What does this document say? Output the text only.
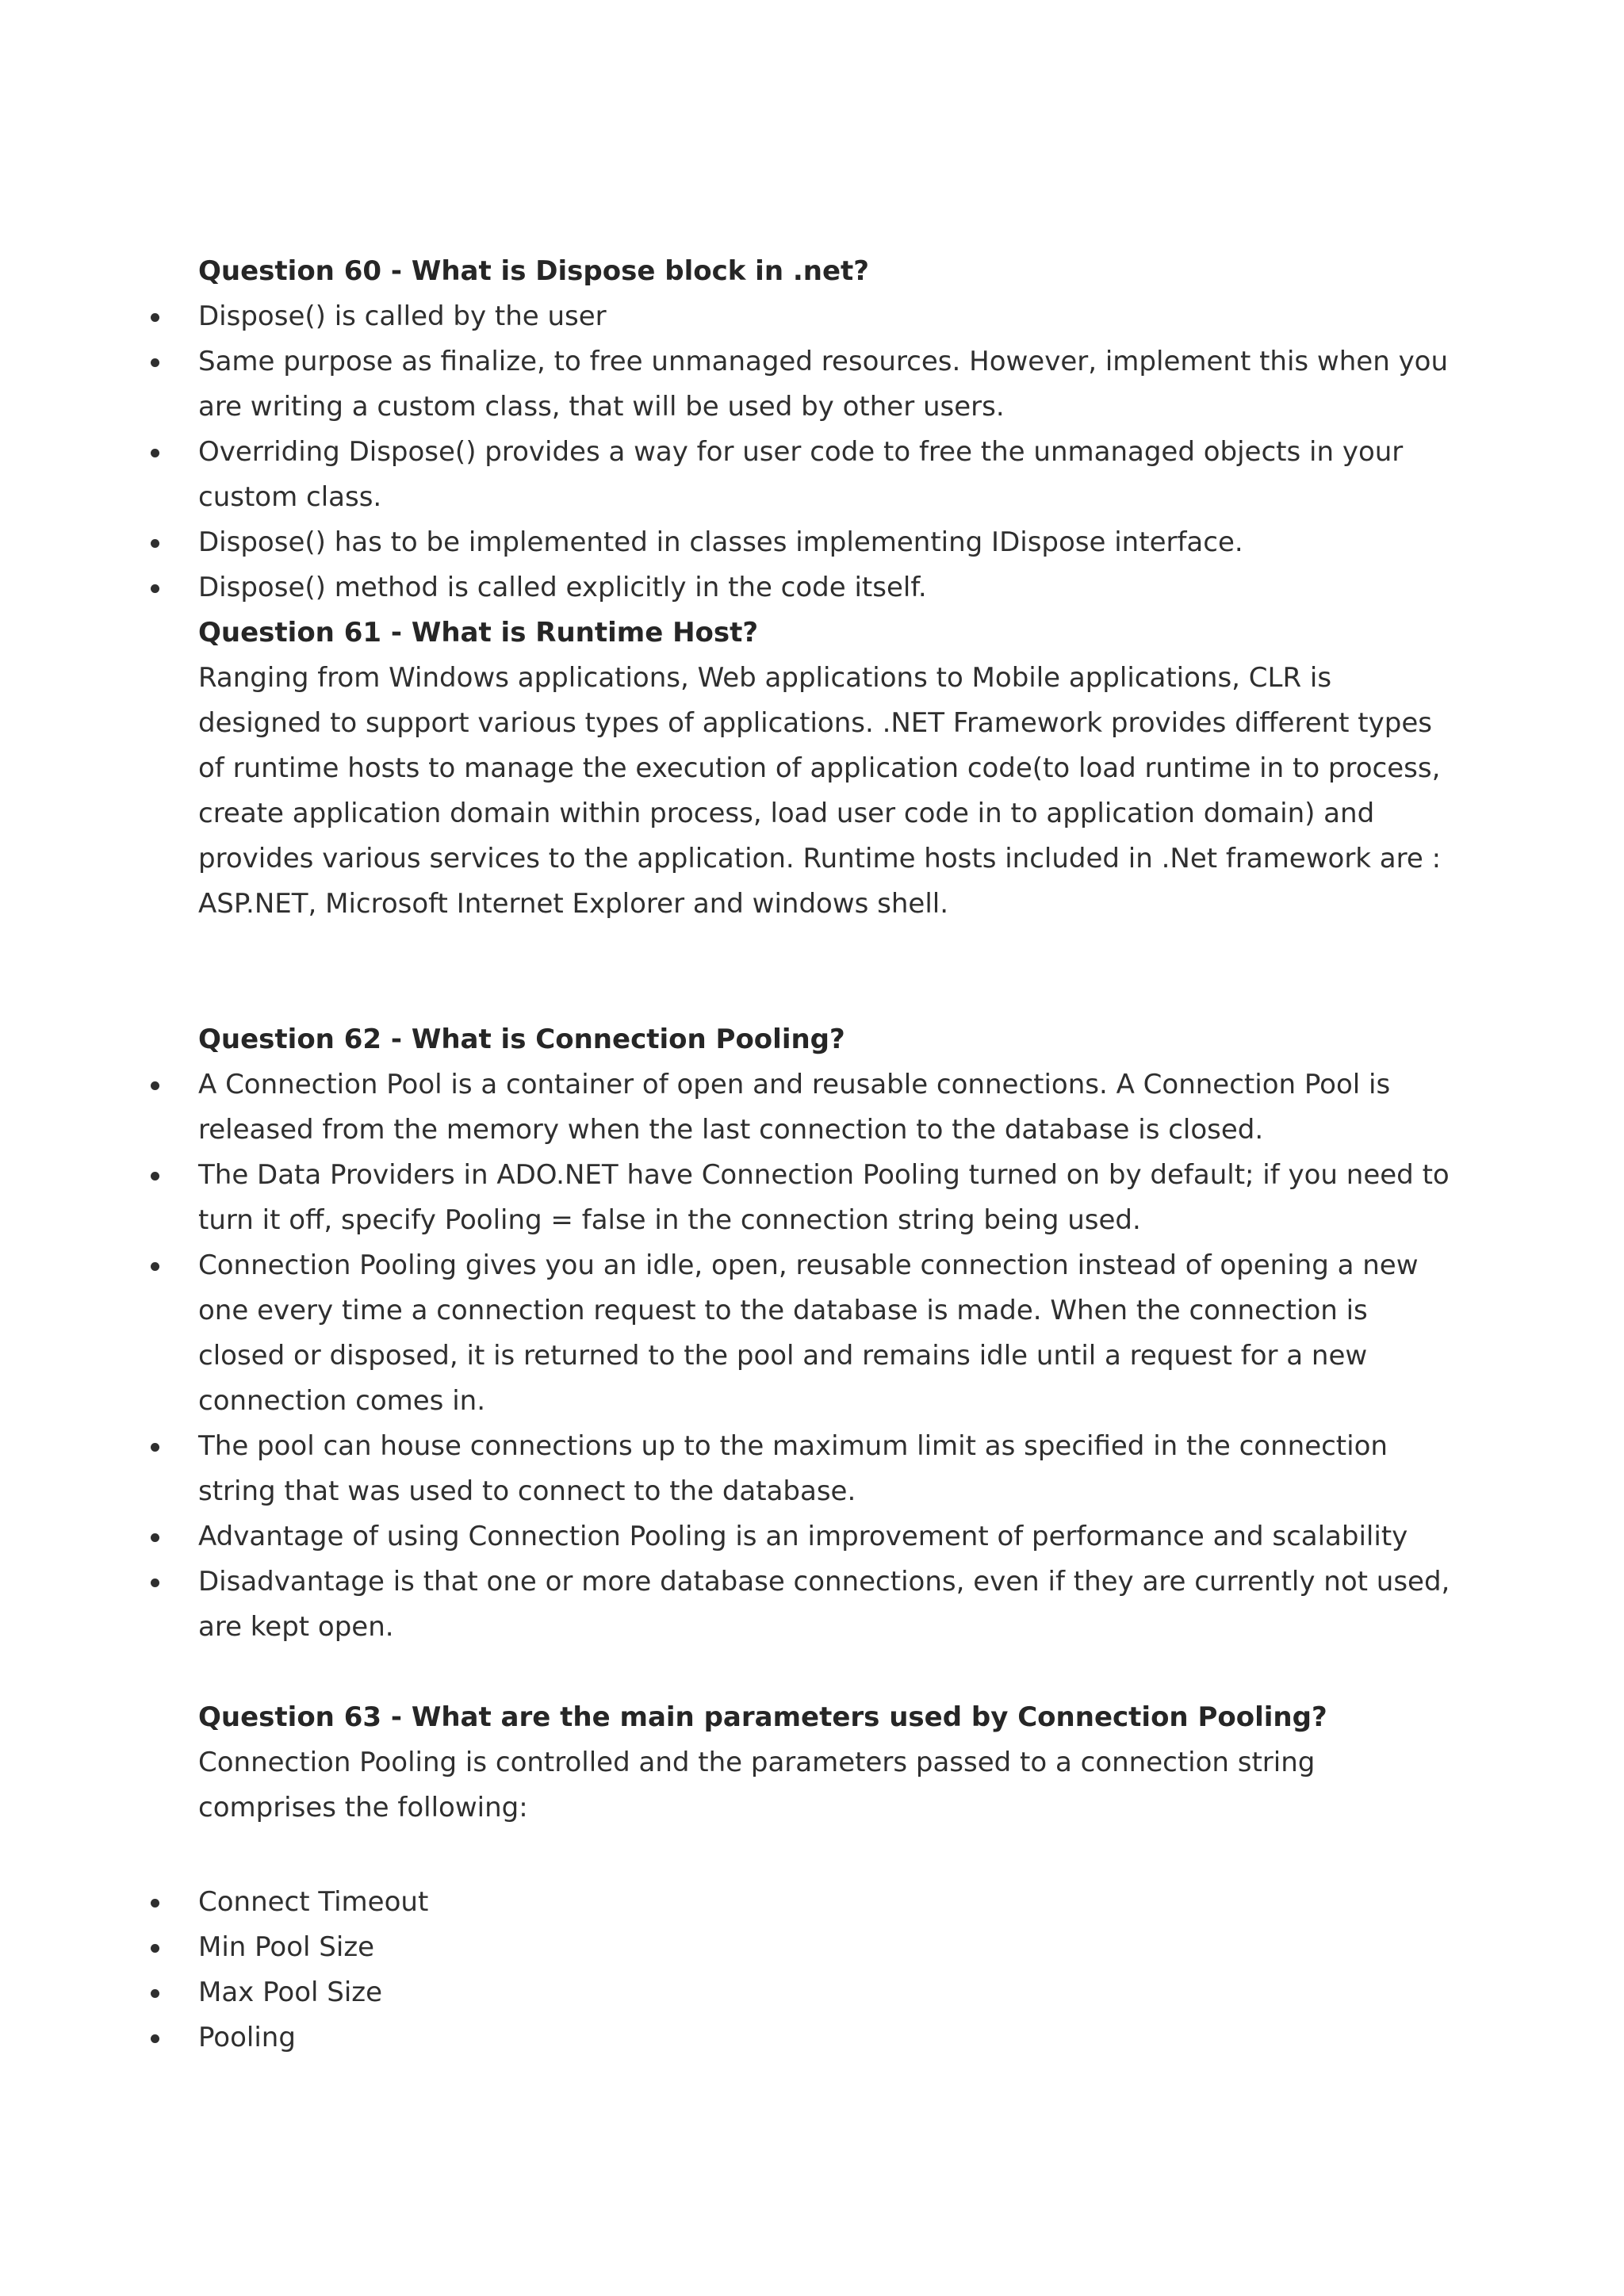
Question 60 - What is Dispose block in .net?

Dispose() is called by the user
Same purpose as finalize, to free unmanaged resources. However, implement this when you are writing a custom class, that will be used by other users.
Overriding Dispose() provides a way for user code to free the unmanaged objects in your custom class.
Dispose() has to be implemented in classes implementing IDispose interface.
Dispose() method is called explicitly in the code itself.

Question 61 - What is Runtime Host?

Ranging from Windows applications, Web applications to Mobile applications, CLR is designed to support various types of applications. .NET Framework provides different types of runtime hosts to manage the execution of application code(to load runtime in to process, create application domain within process, load user code in to application domain) and provides various services to the application. Runtime hosts included in .Net framework are : ASP.NET, Microsoft Internet Explorer and windows shell.

Question 62 - What is Connection Pooling?

A Connection Pool is a container of open and reusable connections. A Connection Pool is released from the memory when the last connection to the database is closed.
The Data Providers in ADO.NET have Connection Pooling turned on by default; if you need to turn it off, specify Pooling = false in the connection string being used.
Connection Pooling gives you an idle, open, reusable connection instead of opening a new one every time a connection request to the database is made. When the connection is closed or disposed, it is returned to the pool and remains idle until a request for a new connection comes in.
The pool can house connections up to the maximum limit as specified in the connection string that was used to connect to the database.
Advantage of using Connection Pooling is an improvement of performance and scalability
Disadvantage is that one or more database connections, even if they are currently not used, are kept open.

Question 63 - What are the main parameters used by Connection Pooling?

Connection Pooling is controlled and the parameters passed to a connection string comprises the following:

Connect Timeout
Min Pool Size
Max Pool Size
Pooling
